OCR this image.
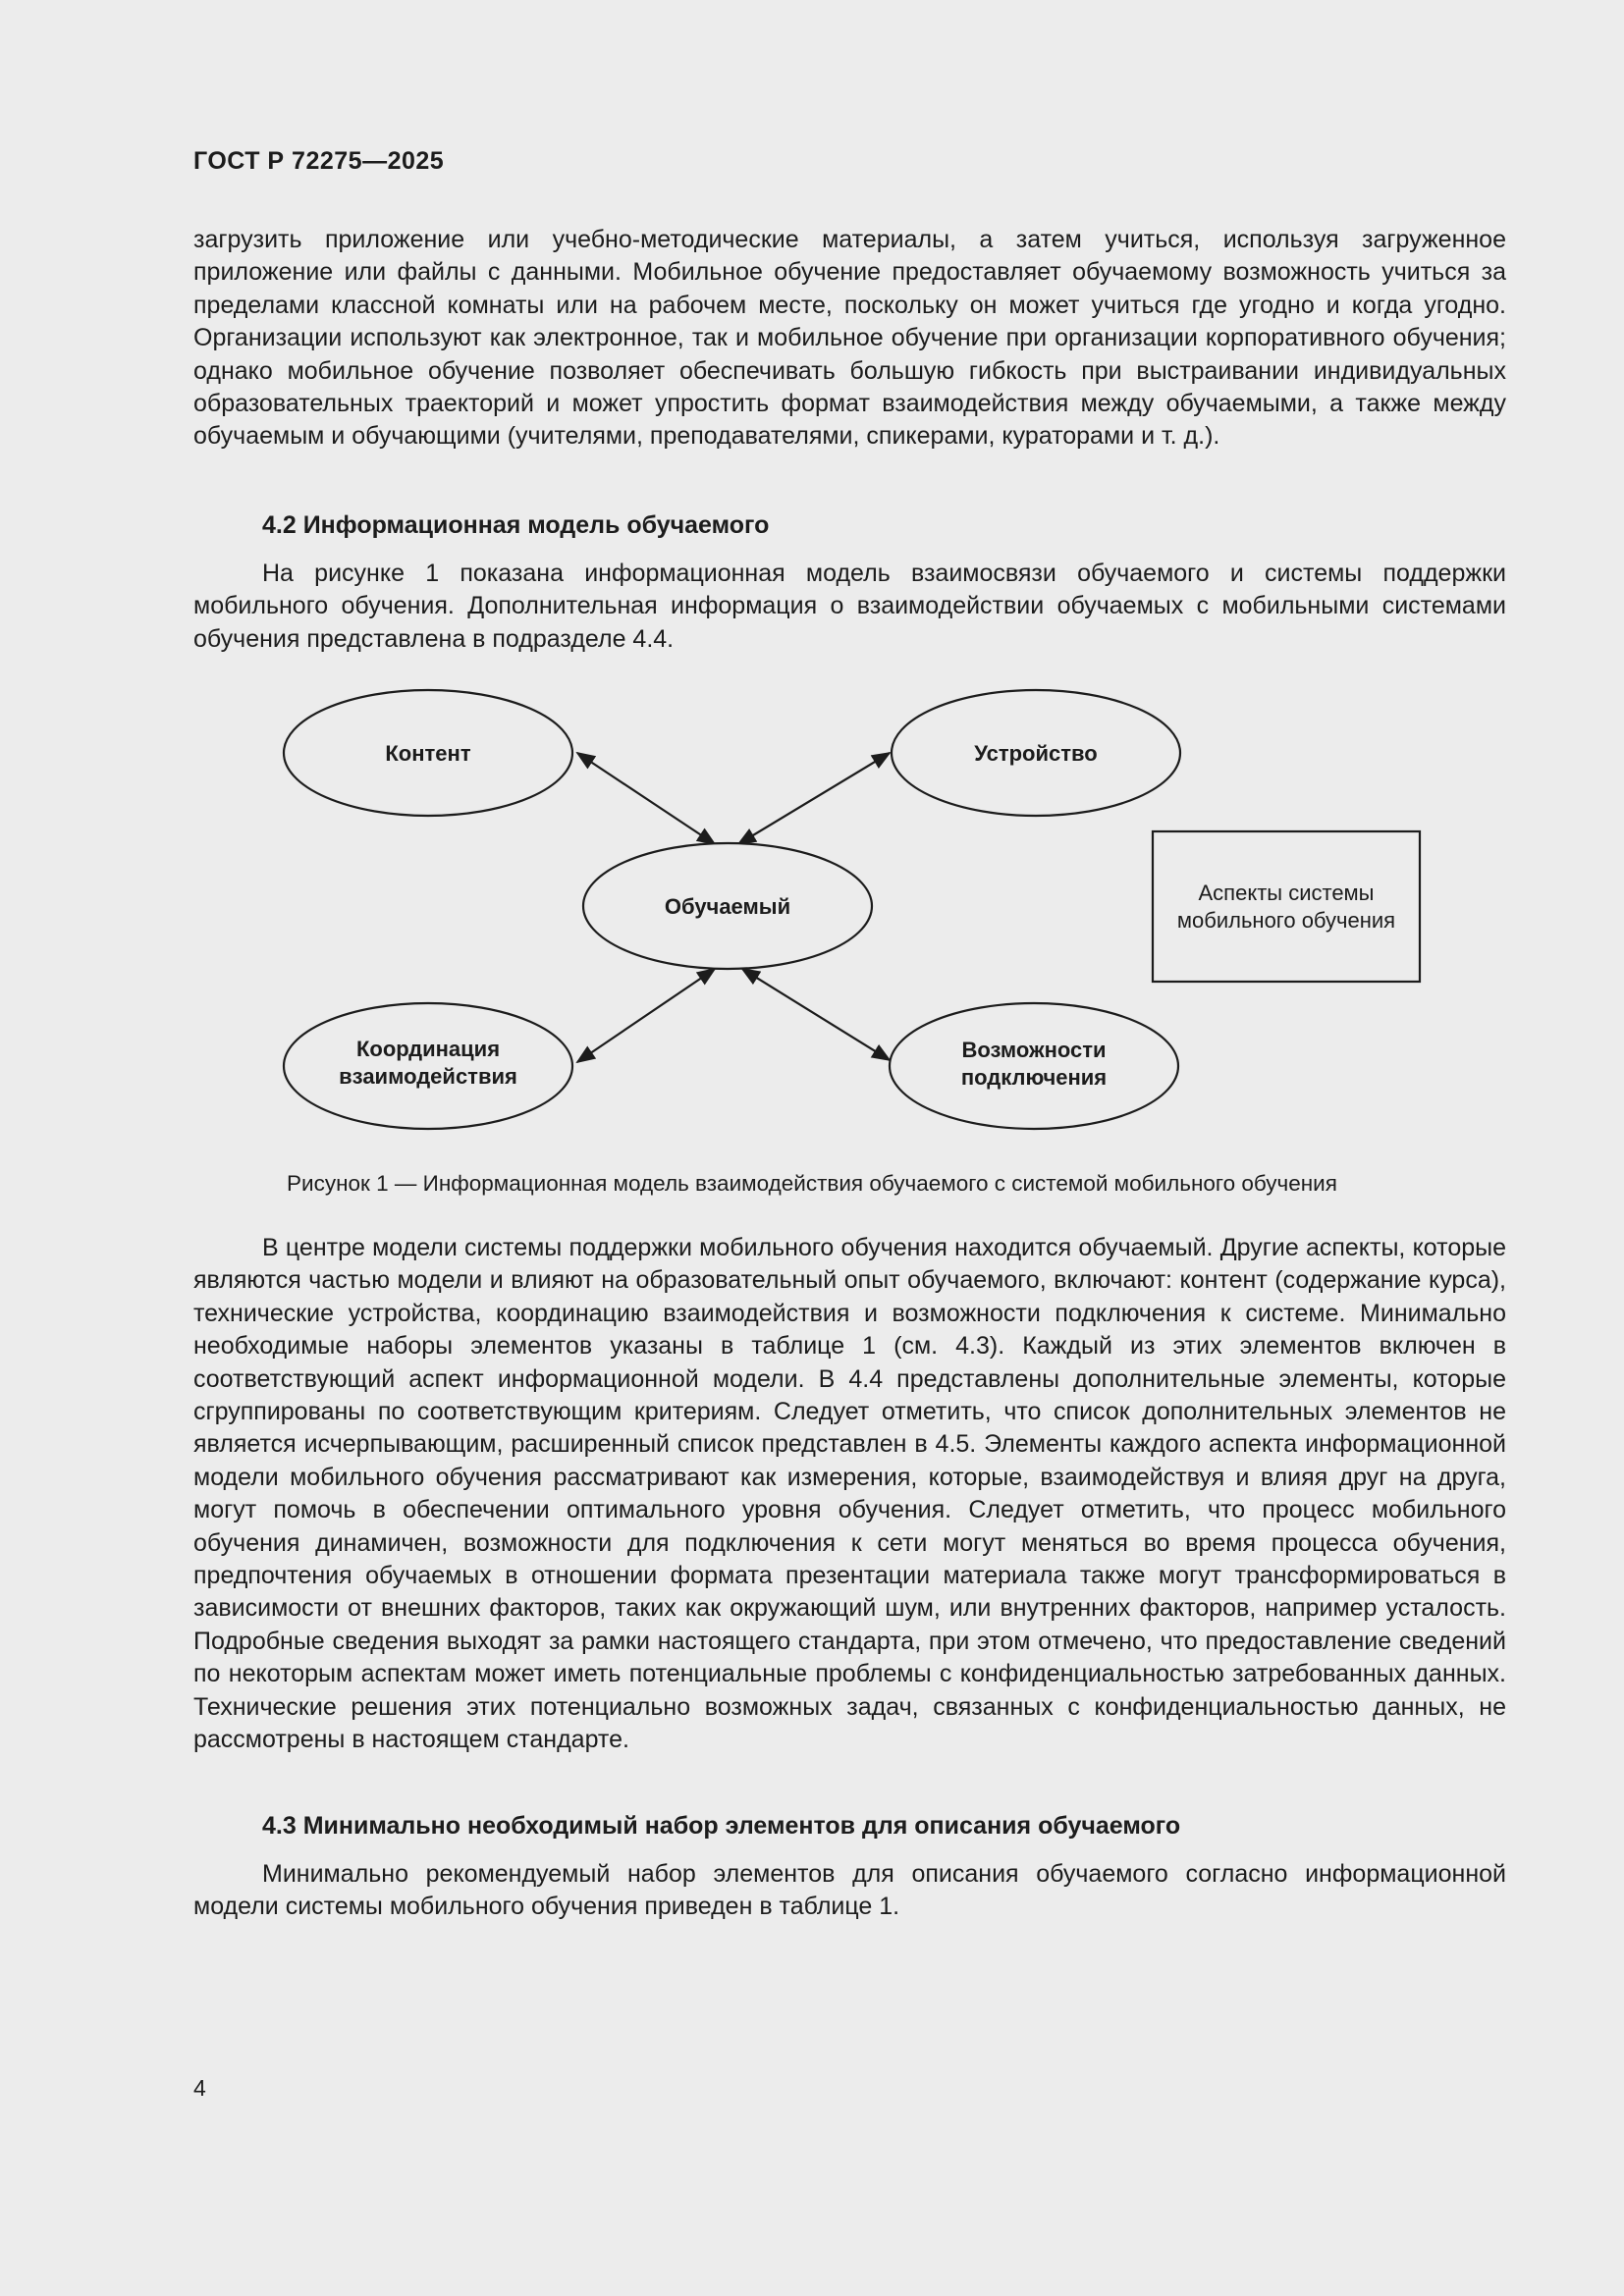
ГОСТ Р 72275—2025

загрузить приложение или учебно-методические материалы, а затем учиться, используя загруженное приложение или файлы с данными. Мобильное обучение предоставляет обучаемому возможность учиться за пределами классной комнаты или на рабочем месте, поскольку он может учиться где угодно и когда угодно. Организации используют как электронное, так и мобильное обучение при организации корпоративного обучения; однако мобильное обучение позволяет обеспечивать большую гибкость при выстраивании индивидуальных образовательных траекторий и может упростить формат взаимодействия между обучаемыми, а также между обучаемым и обучающими (учителями, преподавателями, спикерами, кураторами и т. д.).

4.2 Информационная модель обучаемого

На рисунке 1 показана информационная модель взаимосвязи обучаемого и системы поддержки мобильного обучения. Дополнительная информация о взаимодействии обучаемых с мобильными системами обучения представлена в подразделе 4.4.

Контент	Устройство
Обучаемый
Координация
взаимодействия
Возможности
подключения
Аспекты системы
мобильного обучения
Рисунок 1 — Информационная модель взаимодействия обучаемого с системой мобильного обучения

В центре модели системы поддержки мобильного обучения находится обучаемый. Другие аспекты, которые являются частью модели и влияют на образовательный опыт обучаемого, включают: контент (содержание курса), технические устройства, координацию взаимодействия и возможности подключения к системе. Минимально необходимые наборы элементов указаны в таблице 1 (см. 4.3). Каждый из этих элементов включен в соответствующий аспект информационной модели. В 4.4 представлены дополнительные элементы, которые сгруппированы по соответствующим критериям. Следует отметить, что список дополнительных элементов не является исчерпывающим, расширенный список представлен в 4.5. Элементы каждого аспекта информационной модели мобильного обучения рассматривают как измерения, которые, взаимодействуя и влияя друг на друга, могут помочь в обеспечении оптимального уровня обучения. Следует отметить, что процесс мобильного обучения динамичен, возможности для подключения к сети могут меняться во время процесса обучения, предпочтения обучаемых в отношении формата презентации материала также могут трансформироваться в зависимости от внешних факторов, таких как окружающий шум, или внутренних факторов, например усталость. Подробные сведения выходят за рамки настоящего стандарта, при этом отмечено, что предоставление сведений по некоторым аспектам может иметь потенциальные проблемы с конфиденциальностью затребованных данных. Технические решения этих потенциально возможных задач, связанных с конфиденциальностью данных, не рассмотрены в настоящем стандарте.

4.3 Минимально необходимый набор элементов для описания обучаемого

Минимально рекомендуемый набор элементов для описания обучаемого согласно информационной модели системы мобильного обучения приведен в таблице 1.

4
